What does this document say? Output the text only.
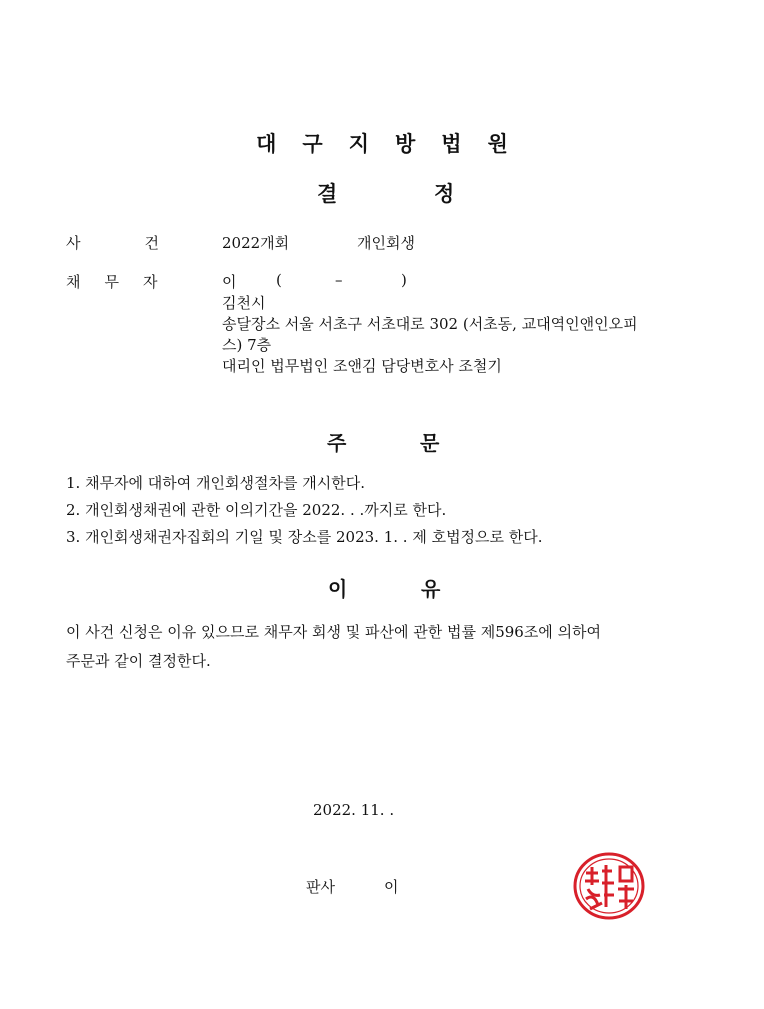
대 구 지 방 법 원
결	정
사	건	2022개회	개인회생
채 무 자	이	(	–	)
김천시
송달장소 서울 서초구 서초대로 302 (서초동, 교대역인앤인오피
스) 7층
대리인 법무법인 조앤김 담당변호사 조철기
주	문
1. 채무자에 대하여 개인회생절차를 개시한다.
2. 개인회생채권에 관한 이의기간을 2022. . .까지로 한다.
3. 개인회생채권자집회의 기일 및 장소를 2023. 1. . 제 호법정으로 한다.
이	유
이 사건 신청은 이유 있으므로 채무자 회생 및 파산에 관한 법률 제596조에 의하여
주문과 같이 결정한다.
2022. 11. .
판사	이
